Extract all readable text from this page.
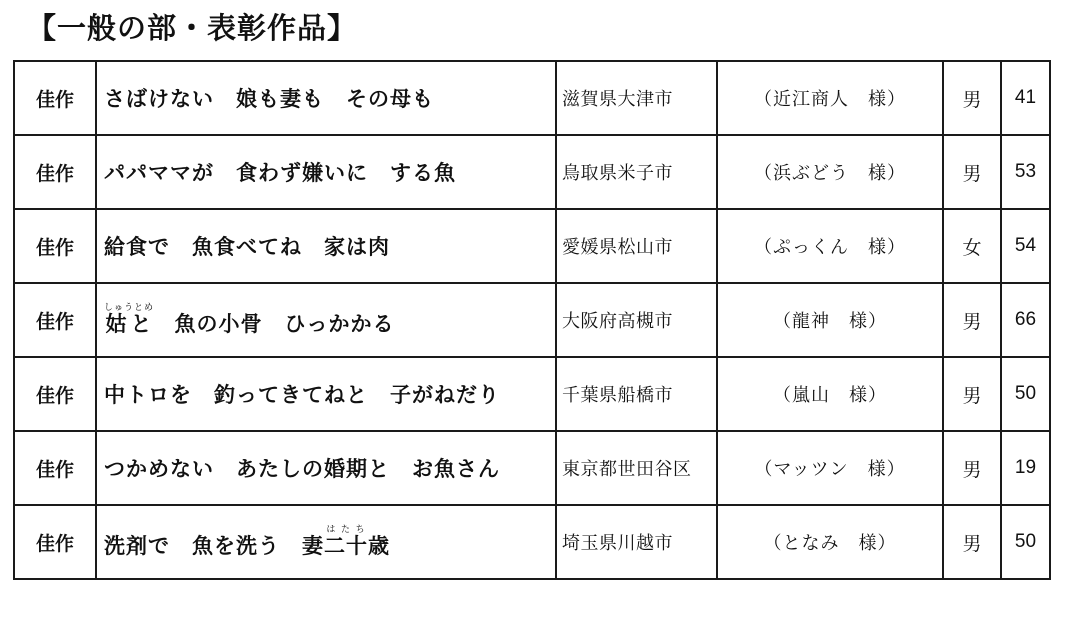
【一般の部・表彰作品】
佳作	さばけない　娘も妻も　その母も	滋賀県大津市	（近江商人　様）	男	41
佳作	パパママが　食わず嫌いに　する魚	鳥取県米子市	（浜ぶどう　様）	男	53
佳作	給食で　魚食べてね　家は肉	愛媛県松山市	（ぷっくん　様）	女	54
佳作	姑としゅうとめ　魚の小骨　ひっかかる	大阪府高槻市	（龍神　様）	男	66
佳作	中トロを　釣ってきてねと　子がねだり	千葉県船橋市	（嵐山　様）	男	50
佳作	つかめない　あたしの婚期と　お魚さん	東京都世田谷区	（マッツン　様）	男	19
佳作	洗剤で　魚を洗う　妻二十はたち歳	埼玉県川越市	（となみ　様）	男	50
